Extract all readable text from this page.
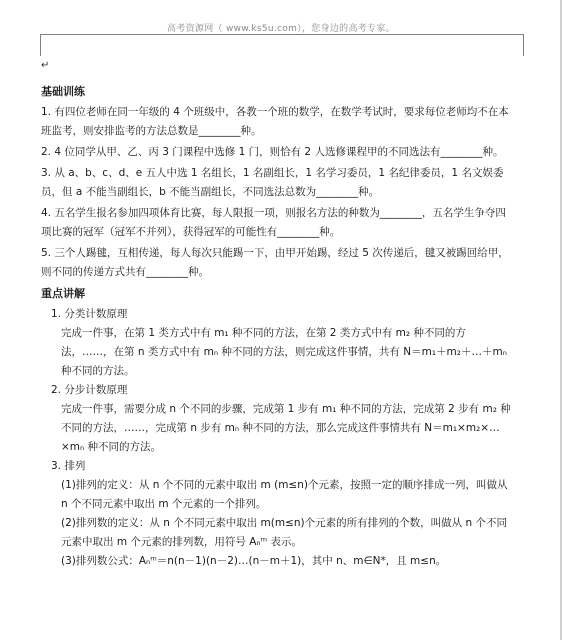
高考资源网（ www.ks5u.com），您身边的高考专家。
↵
基础训练

1. 有四位老师在同一年级的 4 个班级中，各教一个班的数学，在数学考试时，要求每位老师均不在本班监考，则安排监考的方法总数是________种。

2. 4 位同学从甲、乙、丙 3 门课程中选修 1 门，则恰有 2 人选修课程甲的不同选法有________种。

3. 从 a、b、c、d、e 五人中选 1 名组长，1 名副组长，1 名学习委员，1 名纪律委员，1 名文娱委员，但 a 不能当副组长，b 不能当副组长，不同选法总数为________种。

4. 五名学生报名参加四项体育比赛，每人限报一项，则报名方法的种数为________，五名学生争夺四项比赛的冠军（冠军不并列），获得冠军的可能性有________种。

5. 三个人踢毽，互相传递，每人每次只能踢一下，由甲开始踢，经过 5 次传递后，毽又被踢回给甲，则不同的传递方式共有________种。

重点讲解

1. 分类计数原理

完成一件事，在第 1 类方式中有 m₁ 种不同的方法，在第 2 类方式中有 m₂ 种不同的方法，……，在第 n 类方式中有 mₙ 种不同的方法，则完成这件事情，共有 N＝m₁＋m₂＋…＋mₙ 种不同的方法。

2. 分步计数原理

完成一件事，需要分成 n 个不同的步骤，完成第 1 步有 m₁ 种不同的方法，完成第 2 步有 m₂ 种不同的方法，……，完成第 n 步有 mₙ 种不同的方法，那么完成这件事情共有 N＝m₁×m₂×…×mₙ 种不同的方法。

3. 排列

(1)排列的定义：从 n 个不同的元素中取出 m (m≤n)个元素，按照一定的顺序排成一列，叫做从 n 个不同元素中取出 m 个元素的一个排列。

(2)排列数的定义：从 n 个不同元素中取出 m(m≤n)个元素的所有排列的个数，叫做从 n 个不同元素中取出 m 个元素的排列数，用符号 Aₙᵐ 表示。

(3)排列数公式：Aₙᵐ＝n(n－1)(n－2)…(n－m＋1)，其中 n、m∈N*，且 m≤n。
